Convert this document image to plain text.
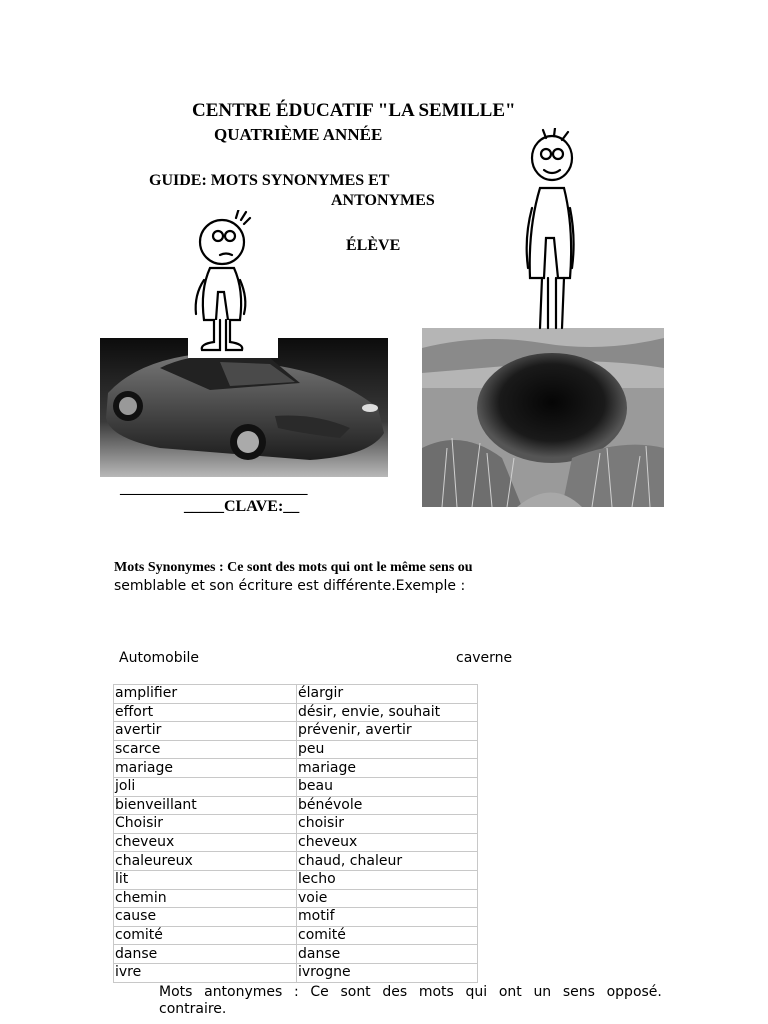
CENTRE ÉDUCATIF "LA SEMILLE"
QUATRIÈME ANNÉE
GUIDE: MOTS SYNONYMES ET
ANTONYMES
ÉLÈVE
_________________________
_____CLAVE:__
Mots Synonymes : Ce sont des mots qui ont le même sens ou
semblable et son écriture est différente.Exemple :
Automobile	caverne
amplifier	élargir
effort	désir, envie, souhait
avertir	prévenir, avertir
scarce	peu
mariage	mariage
joli	beau
bienveillant	bénévole
Choisir	choisir
cheveux	cheveux
chaleureux	chaud, chaleur
lit	lecho
chemin	voie
cause	motif
comité	comité
danse	danse
ivre	ivrogne
Mots antonymes : Ce sont des mots qui ont un sens opposé.
contraire.
